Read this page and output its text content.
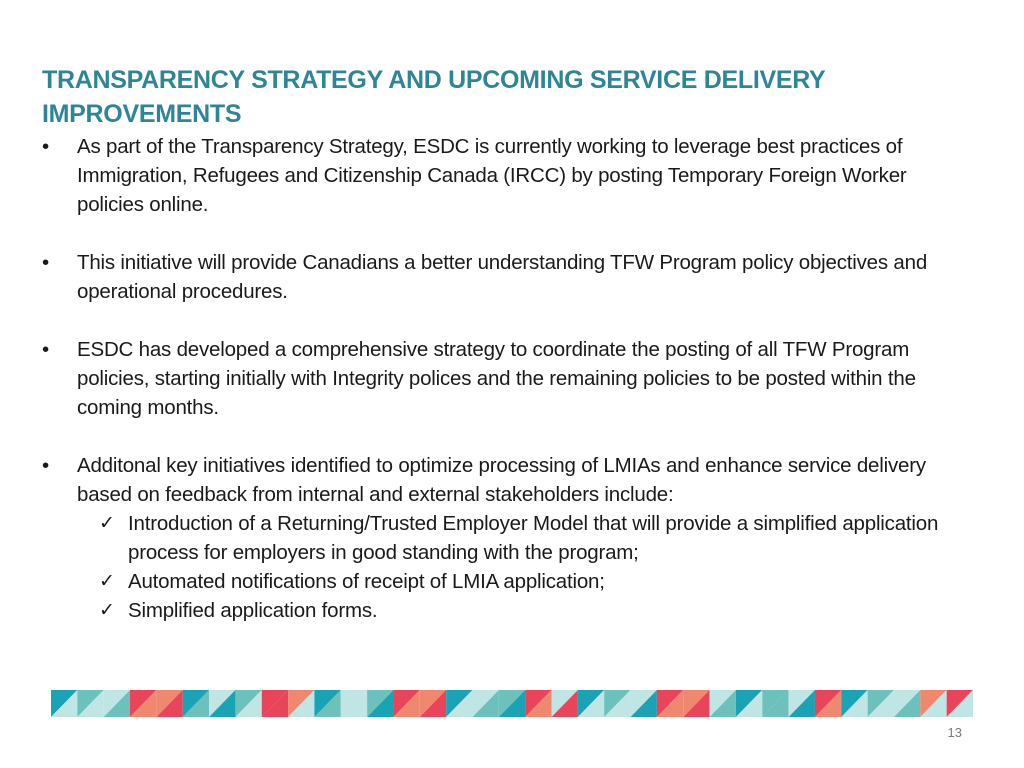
TRANSPARENCY STRATEGY AND UPCOMING SERVICE DELIVERY
IMPROVEMENTS
•	As part of the Transparency Strategy, ESDC is currently working to leverage best practices of Immigration, Refugees and Citizenship Canada (IRCC) by posting Temporary Foreign Worker policies online.

•	This initiative will provide Canadians a better understanding TFW Program policy objectives and operational procedures.

•	ESDC has developed a comprehensive strategy to coordinate the posting of all TFW Program policies, starting initially with Integrity polices and the remaining policies to be posted within the coming months.

•	Additonal key initiatives identified to optimize processing of LMIAs and enhance service delivery based on feedback from internal and external stakeholders include:

✓ Introduction of a Returning/Trusted Employer Model that will provide a simplified application process for employers in good standing with the program;
✓ Automated notifications of receipt of LMIA application;
✓ Simplified application forms.
13
